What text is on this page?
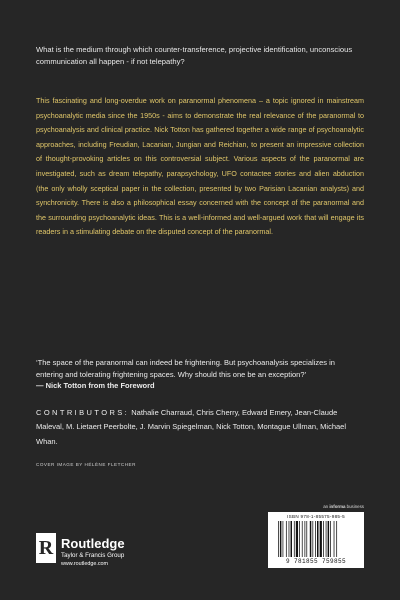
What is the medium through which counter-transference, projective identification, unconscious communication all happen - if not telepathy?

This fascinating and long-overdue work on paranormal phenomena – a topic ignored in mainstream psychoanalytic media since the 1950s - aims to demonstrate the real relevance of the paranormal to psychoanalysis and clinical practice. Nick Totton has gathered together a wide range of psychoanalytic approaches, including Freudian, Lacanian, Jungian and Reichian, to present an impressive collection of thought-provoking articles on this controversial subject. Various aspects of the paranormal are investigated, such as dream telepathy, parapsychology, UFO contactee stories and alien abduction (the only wholly sceptical paper in the collection, presented by two Parisian Lacanian analysts) and synchronicity. There is also a philosophical essay concerned with the concept of the paranormal and the surrounding psychoanalytic ideas. This is a well-informed and well-argued work that will engage its readers in a stimulating debate on the disputed concept of the paranormal.

‘The space of the paranormal can indeed be frightening. But psychoanalysis specializes in entering and tolerating frightening spaces. Why should this one be an exception?’
— Nick Totton from the Foreword
CONTRIBUTORS: Nathalie Charraud, Chris Cherry, Edward Emery, Jean-Claude Maleval, M. Lietaert Peerbolte, J. Marvin Spiegelman, Nick Totton, Montague Ullman, Michael Whan.
COVER IMAGE BY HÉLÈNE FLETCHER
R Routledge
Taylor & Francis Group
www.routledge.com
an informa business
ISBN 978-1-85575-985-5
9 781855 759855
